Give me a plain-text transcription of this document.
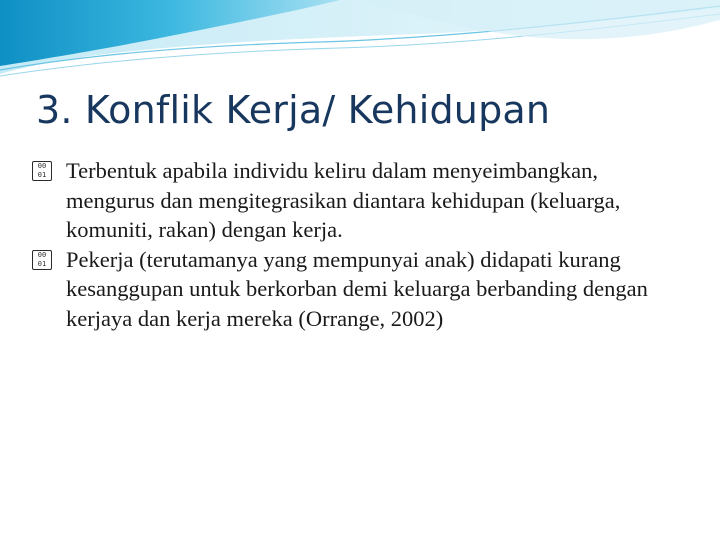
3. Konflik Kerja/ Kehidupan
00
01 Terbentuk apabila individu keliru dalam menyeimbangkan, mengurus dan mengitegrasikan diantara kehidupan (keluarga, komuniti, rakan) dengan kerja.
00
01 Pekerja (terutamanya yang mempunyai anak) didapati kurang kesanggupan untuk berkorban demi keluarga berbanding dengan kerjaya dan kerja mereka (Orrange, 2002)
